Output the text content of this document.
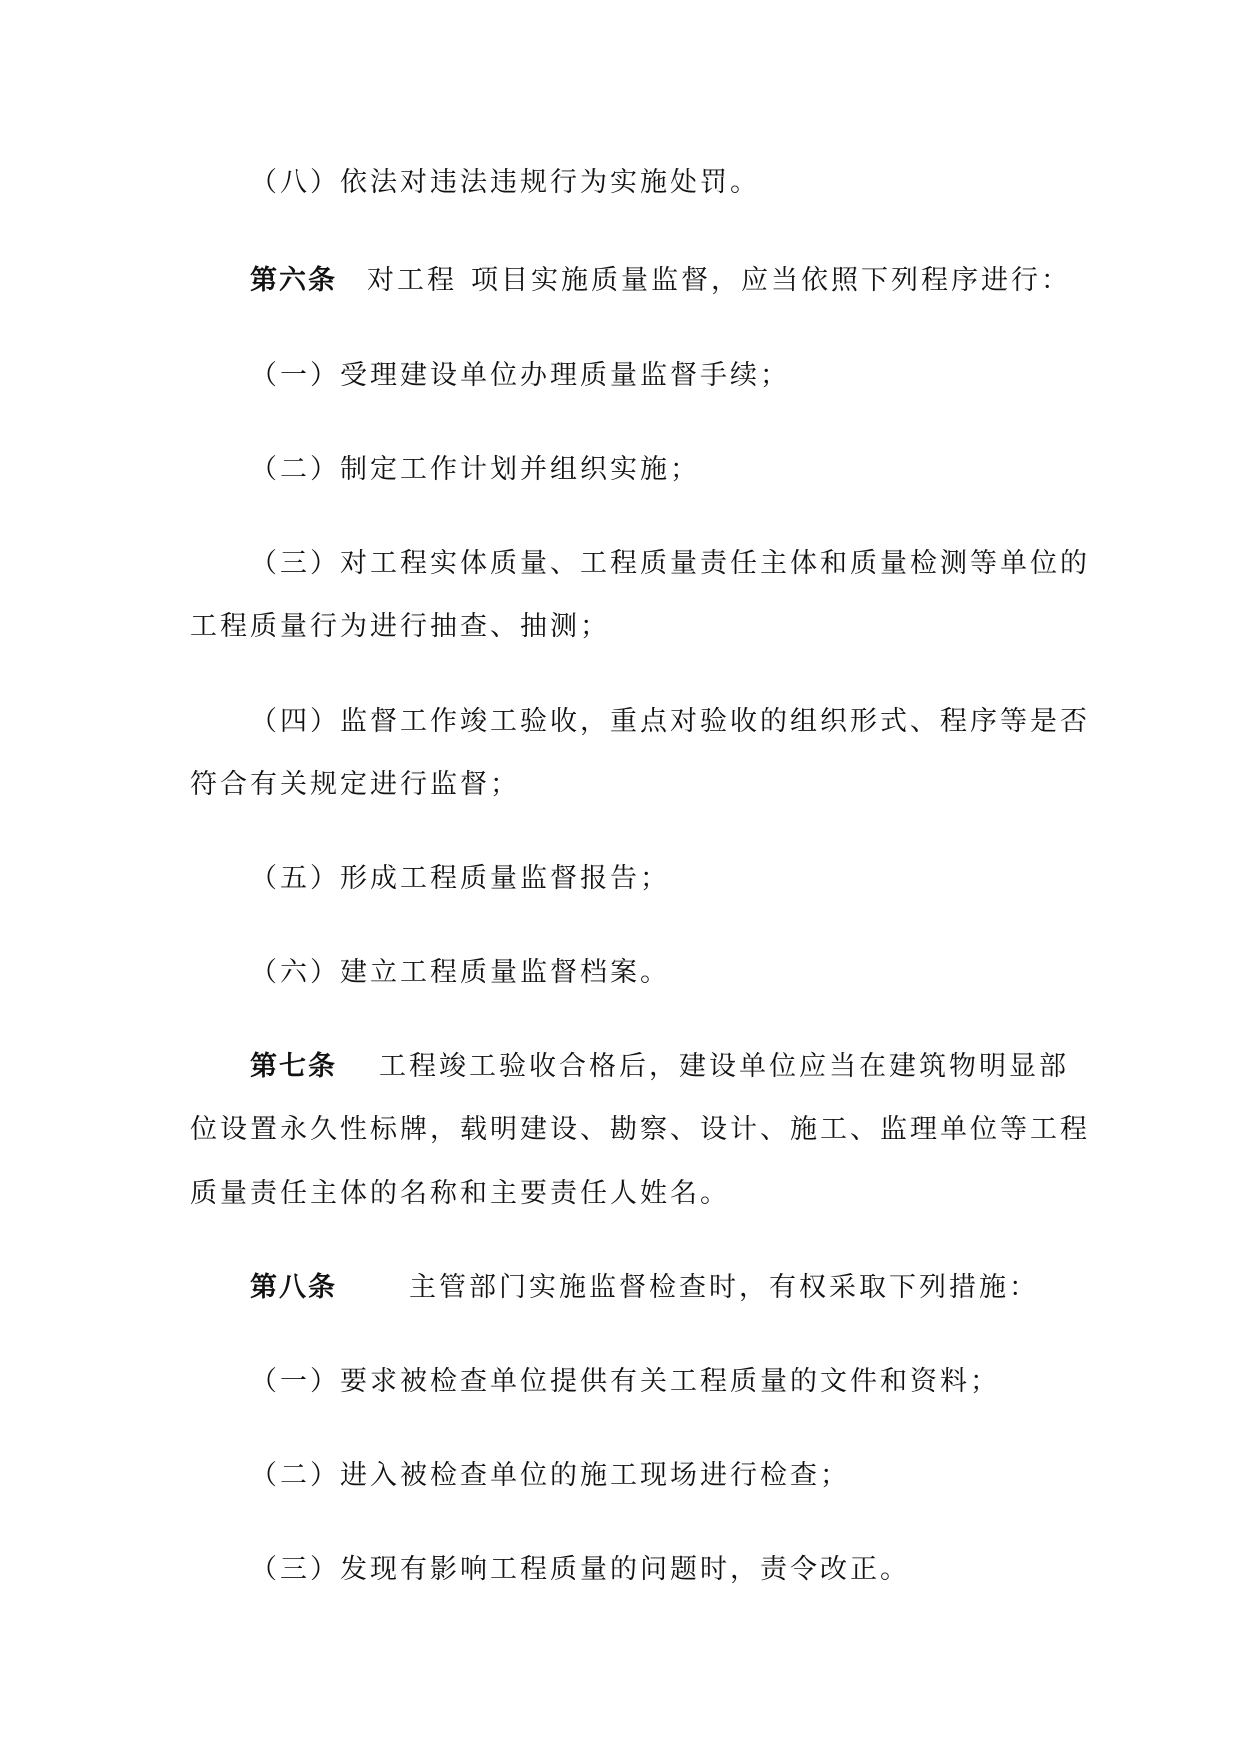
（八）依法对违法违规行为实施处罚。
第六条 对工程 项目实施质量监督，应当依照下列程序进行：
（一）受理建设单位办理质量监督手续；
（二）制定工作计划并组织实施；
（三）对工程实体质量、工程质量责任主体和质量检测等单位的
工程质量行为进行抽查、抽测；
（四）监督工作竣工验收，重点对验收的组织形式、程序等是否
符合有关规定进行监督；
（五）形成工程质量监督报告；
（六）建立工程质量监督档案。
第七条 工程竣工验收合格后，建设单位应当在建筑物明显部
位设置永久性标牌，载明建设、勘察、设计、施工、监理单位等工程
质量责任主体的名称和主要责任人姓名。
第八条	主管部门实施监督检查时，有权采取下列措施：
（一）要求被检查单位提供有关工程质量的文件和资料；
（二）进入被检查单位的施工现场进行检查；
（三）发现有影响工程质量的问题时，责令改正。
